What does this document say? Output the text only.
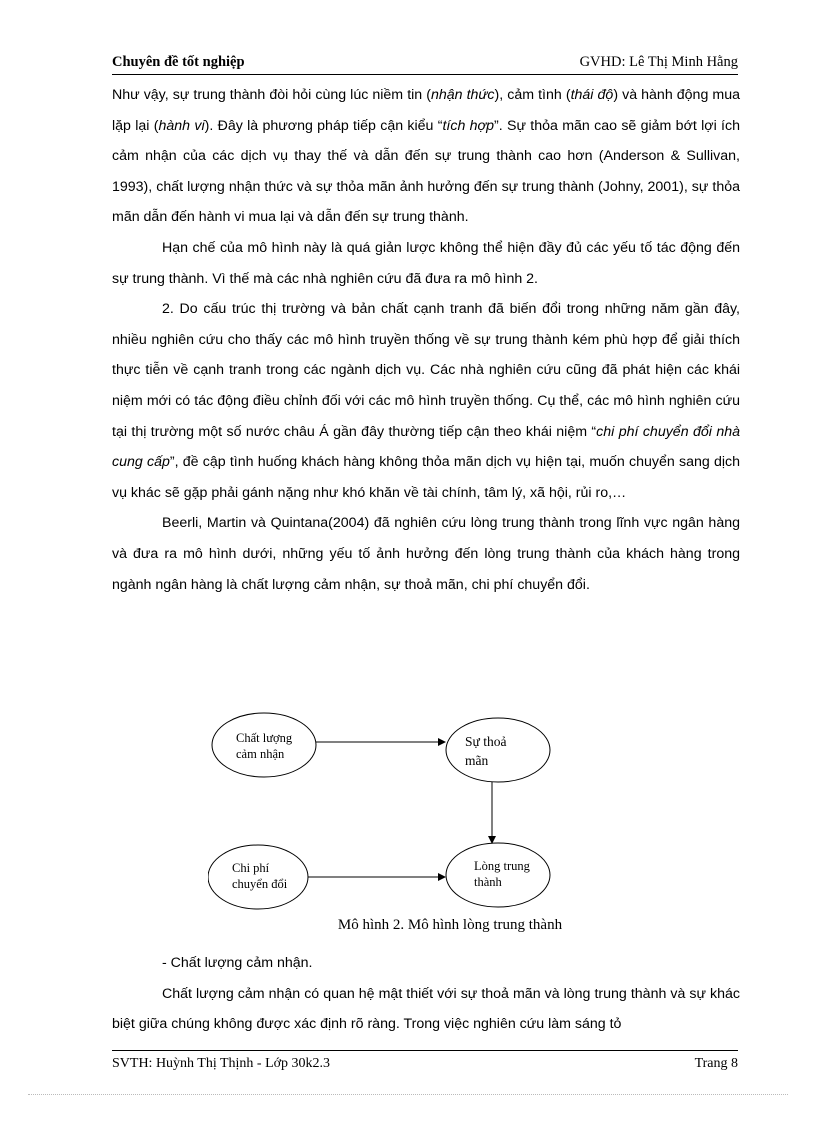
Chuyên đề tốt nghiệp	GVHD: Lê Thị Minh Hằng

Như vậy, sự trung thành đòi hỏi cùng lúc niềm tin (nhận thức), cảm tình (thái độ) và hành động mua lặp lại (hành vi). Đây là phương pháp tiếp cận kiểu “tích hợp”. Sự thỏa mãn cao sẽ giảm bớt lợi ích cảm nhận của các dịch vụ thay thế và dẫn đến sự trung thành cao hơn (Anderson & Sullivan, 1993), chất lượng nhận thức và sự thỏa mãn ảnh hưởng đến sự trung thành (Johny, 2001), sự thỏa mãn dẫn đến hành vi mua lại và dẫn đến sự trung thành.

Hạn chế của mô hình này là quá giản lược không thể hiện đầy đủ các yếu tố tác động đến sự trung thành. Vì thế mà các nhà nghiên cứu đã đưa ra mô hình 2.

2. Do cấu trúc thị trường và bản chất cạnh tranh đã biến đổi trong những năm gần đây, nhiều nghiên cứu cho thấy các mô hình truyền thống về sự trung thành kém phù hợp để giải thích thực tiễn về cạnh tranh trong các ngành dịch vụ. Các nhà nghiên cứu cũng đã phát hiện các khái niệm mới có tác động điều chỉnh đối với các mô hình truyền thống. Cụ thể, các mô hình nghiên cứu tại thị trường một số nước châu Á gần đây thường tiếp cận theo khái niệm “chi phí chuyển đổi nhà cung cấp”, đề cập tình huống khách hàng không thỏa mãn dịch vụ hiện tại, muốn chuyển sang dịch vụ khác sẽ gặp phải gánh nặng như khó khăn về tài chính, tâm lý, xã hội, rủi ro,…

Beerli, Martin và Quintana(2004) đã nghiên cứu lòng trung thành trong lĩnh vực ngân hàng và đưa ra mô hình dưới, những yếu tố ảnh hưởng đến lòng trung thành của khách hàng trong ngành ngân hàng là chất lượng cảm nhận, sự thoả mãn, chi phí chuyển đổi.

Chất lượng
cảm nhận
Sự thoả
mãn
Chi phí
chuyển đổi
Lòng trung
thành
Mô hình 2. Mô hình lòng trung thành

- Chất lượng cảm nhận.

Chất lượng cảm nhận có quan hệ mật thiết với sự thoả mãn và lòng trung thành và sự khác biệt giữa chúng không được xác định rõ ràng. Trong việc nghiên cứu làm sáng tỏ

SVTH: Huỳnh Thị Thịnh - Lớp 30k2.3	Trang 8
